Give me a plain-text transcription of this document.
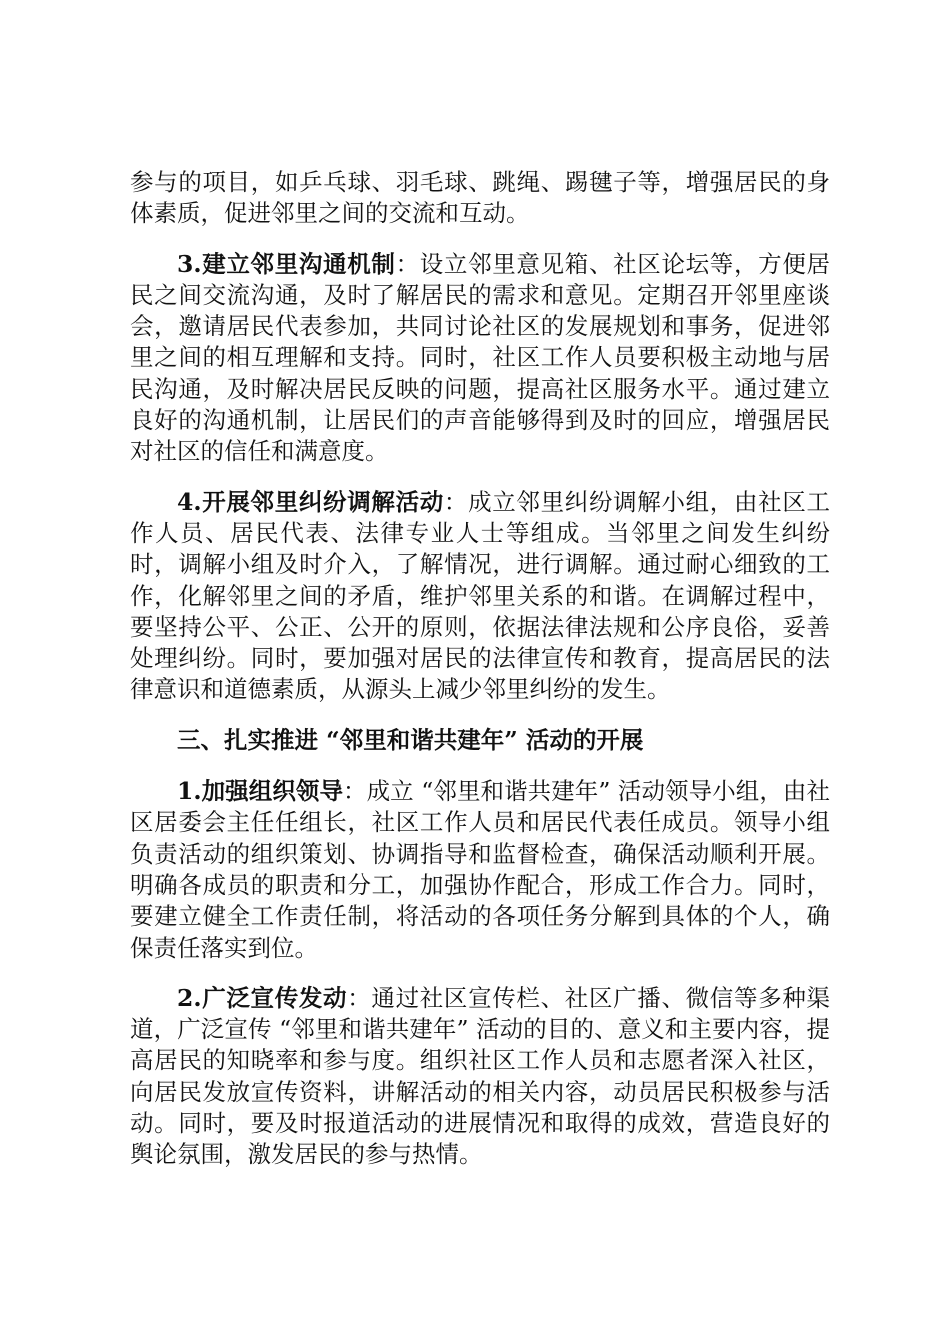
参与的项目，如乒乓球、羽毛球、跳绳、踢毽子等，增强居民的身体素质，促进邻里之间的交流和互动。

3.建立邻里沟通机制：设立邻里意见箱、社区论坛等，方便居民之间交流沟通，及时了解居民的需求和意见。定期召开邻里座谈会，邀请居民代表参加，共同讨论社区的发展规划和事务，促进邻里之间的相互理解和支持。同时，社区工作人员要积极主动地与居民沟通，及时解决居民反映的问题，提高社区服务水平。通过建立良好的沟通机制，让居民们的声音能够得到及时的回应，增强居民对社区的信任和满意度。

4.开展邻里纠纷调解活动：成立邻里纠纷调解小组，由社区工作人员、居民代表、法律专业人士等组成。当邻里之间发生纠纷时，调解小组及时介入，了解情况，进行调解。通过耐心细致的工作，化解邻里之间的矛盾，维护邻里关系的和谐。在调解过程中，要坚持公平、公正、公开的原则，依据法律法规和公序良俗，妥善处理纠纷。同时，要加强对居民的法律宣传和教育，提高居民的法律意识和道德素质，从源头上减少邻里纠纷的发生。

三、扎实推进 “邻里和谐共建年” 活动的开展

1.加强组织领导：成立 “邻里和谐共建年” 活动领导小组，由社区居委会主任任组长，社区工作人员和居民代表任成员。领导小组负责活动的组织策划、协调指导和监督检查，确保活动顺利开展。明确各成员的职责和分工，加强协作配合，形成工作合力。同时，要建立健全工作责任制，将活动的各项任务分解到具体的个人，确保责任落实到位。

2.广泛宣传发动：通过社区宣传栏、社区广播、微信等多种渠道，广泛宣传 “邻里和谐共建年” 活动的目的、意义和主要内容，提高居民的知晓率和参与度。组织社区工作人员和志愿者深入社区，向居民发放宣传资料，讲解活动的相关内容，动员居民积极参与活动。同时，要及时报道活动的进展情况和取得的成效，营造良好的舆论氛围，激发居民的参与热情。
